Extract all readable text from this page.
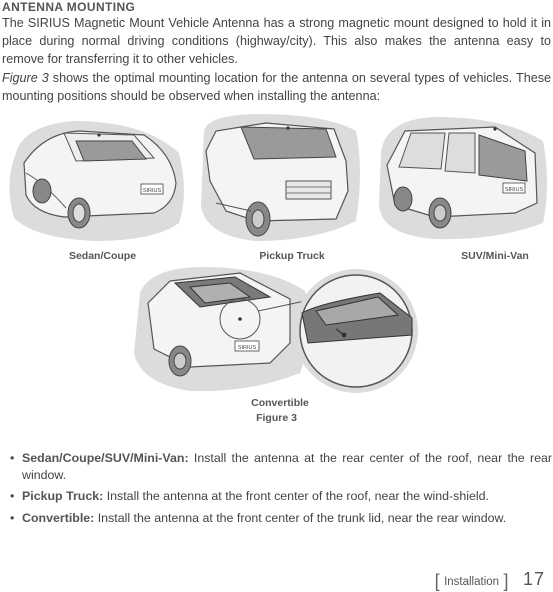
ANTENNA MOUNTING
The SIRIUS Magnetic Mount Vehicle Antenna has a strong magnetic mount designed to hold it in place during normal driving conditions (highway/city). This also makes the antenna easy to remove for transferring it to other vehicles.
Figure 3 shows the optimal mounting location for the antenna on several types of vehicles. These mounting positions should be observed when installing the antenna:
SIRIUS
Sedan/Coupe	Pickup Truck
SIRIUS
SUV/Mini-Van
SIRIUS
Convertible
Figure 3
• Sedan/Coupe/SUV/Mini-Van: Install the antenna at the rear center of the roof, near the rear window.
• Pickup Truck: Install the antenna at the front center of the roof, near the wind-shield.
• Convertible: Install the antenna at the front center of the trunk lid, near the rear window.
[ Installation ] 17
